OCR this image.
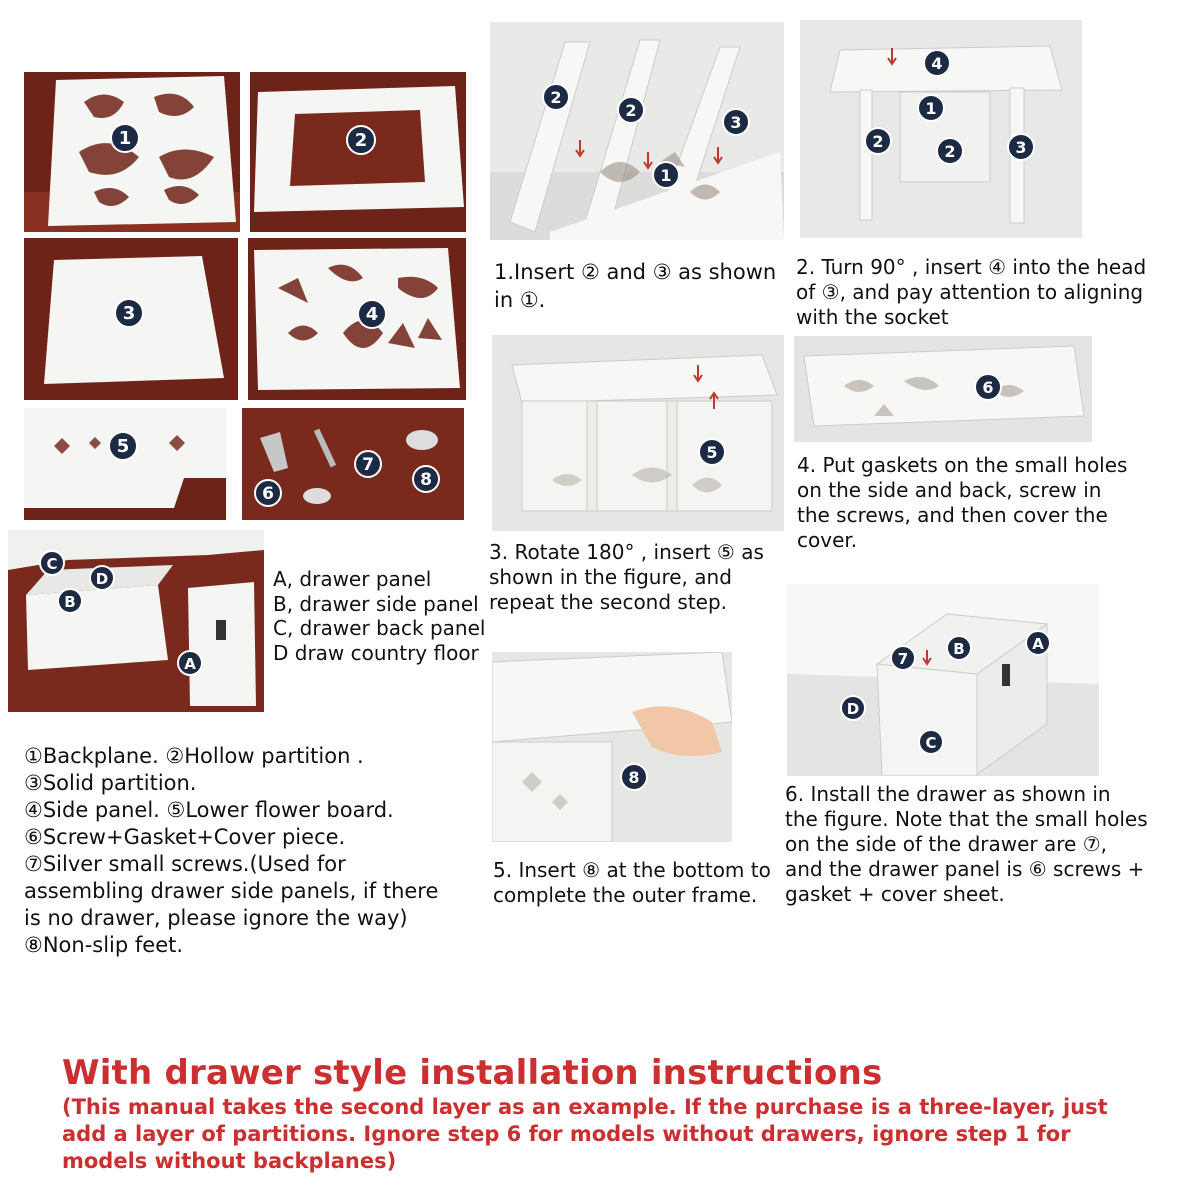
1	2
3	4
5
6
7
8
C
D
B
A

A, drawer panel

B, drawer side panel

C, drawer back panel

D draw country floor

①Backplane. ②Hollow partition .

③Solid partition.

④Side panel. ⑤Lower flower board.

⑥Screw+Gasket+Cover piece.

⑦Silver small screws.(Used for

assembling drawer side panels, if there

is no drawer, please ignore the way)

⑧Non-slip feet.

2
2
3
1

1.Insert ② and ③ as shown

in ①.

4
1
2
2	3

2. Turn 90° , insert ④ into the head

of ③, and pay attention to aligning

with the socket

5

3. Rotate 180° , insert ⑤ as

shown in the figure, and

repeat the second step.

6

4. Put gaskets on the small holes

on the side and back, screw in

the screws, and then cover the

cover.

8

5. Insert ⑧ at the bottom to

complete the outer frame.

7
B	A
D
C

6. Install the drawer as shown in

the figure. Note that the small holes

on the side of the drawer are ⑦,

and the drawer panel is ⑥ screws +

gasket + cover sheet.

With drawer style installation instructions
(This manual takes the second layer as an example. If the purchase is a three-layer, just add a layer of partitions. Ignore step 6 for models without drawers, ignore step 1 for models without backplanes)
